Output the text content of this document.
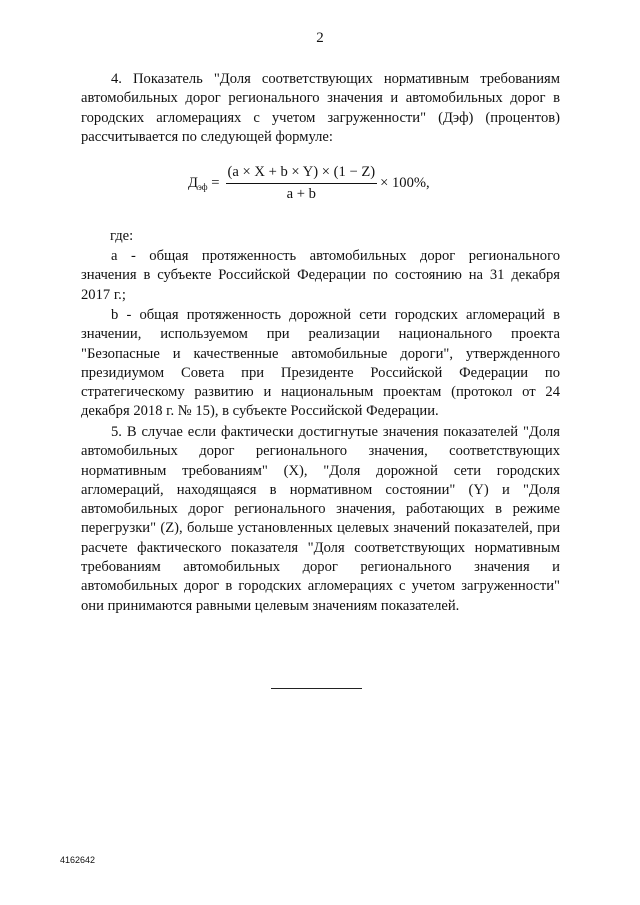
2

4. Показатель "Доля соответствующих нормативным требованиям автомобильных дорог регионального значения и автомобильных дорог в городских агломерациях с учетом загруженности" (Дэф) (процентов) рассчитывается по следующей формуле:

$Д_{эф} = \frac{(a \times X + b \times Y) \times (1 - Z)}{a + b} \times 100\%$,

где:

a - общая протяженность автомобильных дорог регионального значения в субъекте Российской Федерации по состоянию на 31 декабря 2017 г.;

b - общая протяженность дорожной сети городских агломераций в значении, используемом при реализации национального проекта "Безопасные и качественные автомобильные дороги", утвержденного президиумом Совета при Президенте Российской Федерации по стратегическому развитию и национальным проектам (протокол от 24 декабря 2018 г. № 15), в субъекте Российской Федерации.

5. В случае если фактически достигнутые значения показателей "Доля автомобильных дорог регионального значения, соответствующих нормативным требованиям" (X), "Доля дорожной сети городских агломераций, находящаяся в нормативном состоянии" (Y) и "Доля автомобильных дорог регионального значения, работающих в режиме перегрузки" (Z), больше установленных целевых значений показателей, при расчете фактического показателя "Доля соответствующих нормативным требованиям автомобильных дорог регионального значения и автомобильных дорог в городских агломерациях с учетом загруженности" они принимаются равными целевым значениям показателей.

4162642
